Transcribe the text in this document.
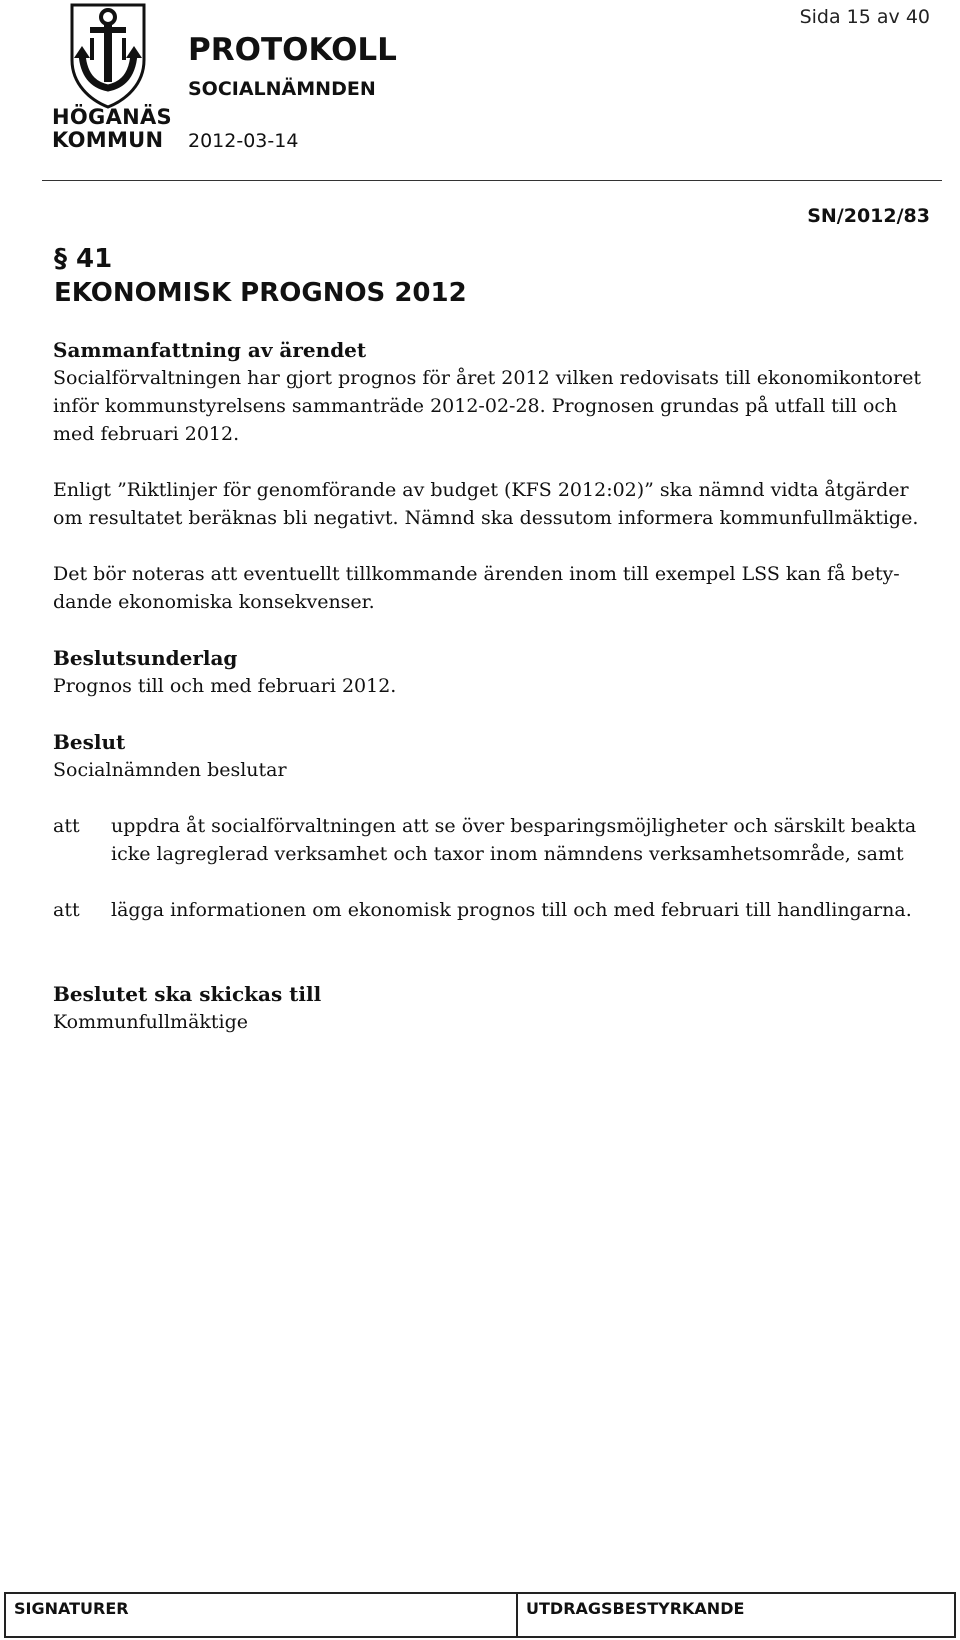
HÖGANÄS KOMMUN
PROTOKOLL
SOCIALNÄMNDEN
2012-03-14
Sida 15 av 40
SN/2012/83
§ 41
EKONOMISK PROGNOS 2012
Sammanfattning av ärendet

Socialförvaltningen har gjort prognos för året 2012 vilken redovisats till ekonomikontoret inför kommunstyrelsens sammanträde 2012-02-28. Prognosen grundas på utfall till och med februari 2012.

Enligt ”Riktlinjer för genomförande av budget (KFS 2012:02)” ska nämnd vidta åtgärder om resultatet beräknas bli negativt. Nämnd ska dessutom informera kommunfullmäktige.

Det bör noteras att eventuellt tillkommande ärenden inom till exempel LSS kan få bety-dande ekonomiska konsekvenser.

Beslutsunderlag

Prognos till och med februari 2012.

Beslut

Socialnämnden beslutar

att	uppdra åt socialförvaltningen att se över besparingsmöjligheter och särskilt beakta icke lagreglerad verksamhet och taxor inom nämndens verksamhetsområde, samt
att	lägga informationen om ekonomisk prognos till och med februari till handlingarna.
Beslutet ska skickas till

Kommunfullmäktige

SIGNATURER	UTDRAGSBESTYRKANDE
